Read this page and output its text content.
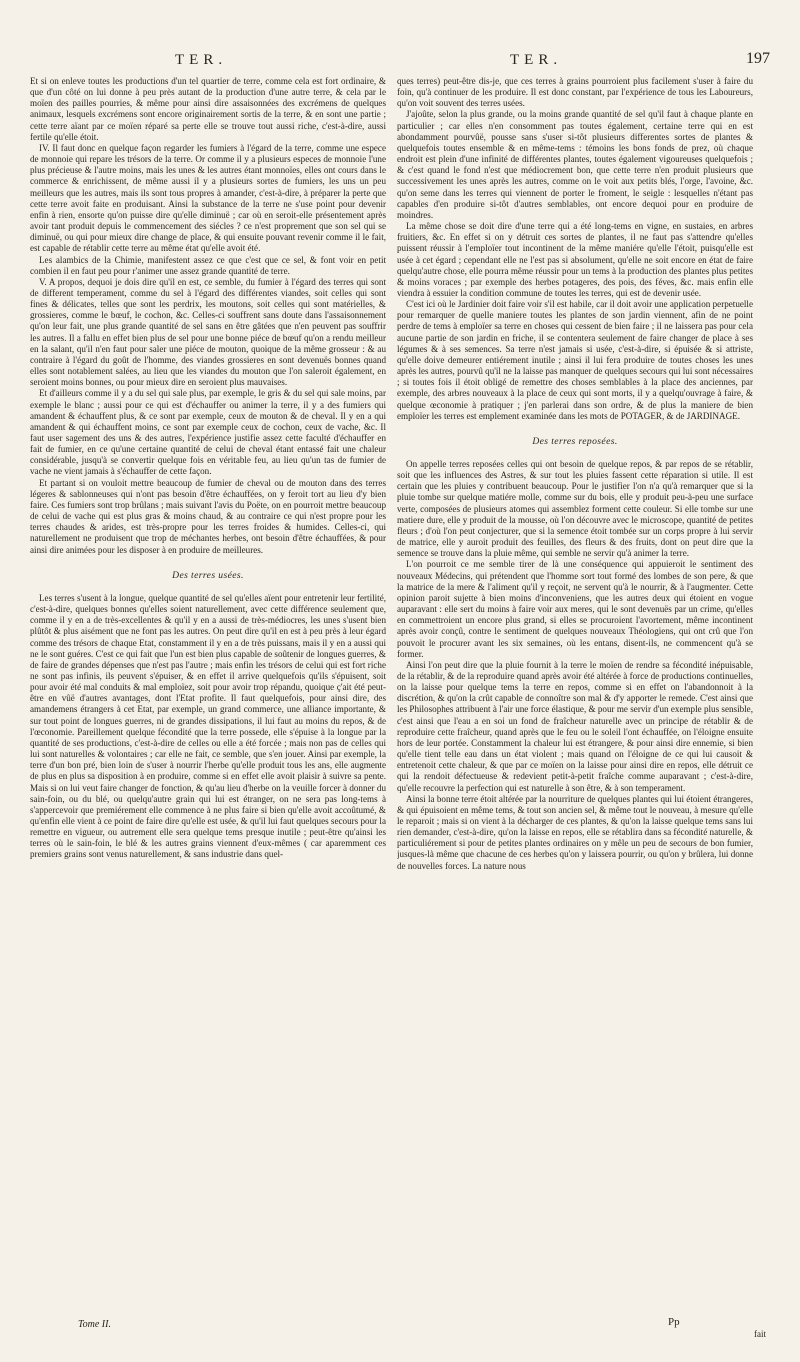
TER.	TER.	197

Et si on enleve toutes les productions d'un tel quartier de terre, comme cela est fort ordinaire, & que d'un côté on lui donne à peu près autant de la production d'une autre terre, & cela par le moïen des pailles pourries, & même pour ainsi dire assaisonnées des excrémens de quelques animaux, lesquels excrémens sont encore originairement sortis de la terre, & en sont une partie ; cette terre aïant par ce moïen réparé sa perte elle se trouve tout aussi riche, c'est-à-dire, aussi fertile qu'elle étoit.

IV. Il faut donc en quelque façon regarder les fumiers à l'égard de la terre, comme une espece de monnoie qui repare les trésors de la terre. Or comme il y a plusieurs especes de monnoie l'une plus précieuse & l'autre moins, mais les unes & les autres étant monnoïes, elles ont cours dans le commerce & enrichissent, de même aussi il y a plusieurs sortes de fumiers, les uns un peu meilleurs que les autres, mais ils sont tous propres à amander, c'est-à-dire, à préparer la perte que cette terre avoit faite en produisant. Ainsi la substance de la terre ne s'use point pour devenir enfin à rien, ensorte qu'on puisse dire qu'elle diminuë ; car où en seroit-elle présentement après avoir tant produit depuis le commencement des siécles ? ce n'est proprement que son sel qui se diminuë, ou qui pour mieux dire change de place, & qui ensuite pouvant revenir comme il le fait, est capable de rétablir cette terre au même état qu'elle avoit été.

Les alambics de la Chimie, manifestent assez ce que c'est que ce sel, & font voir en petit combien il en faut peu pour r'animer une assez grande quantité de terre.

V. A propos, dequoi je dois dire qu'il en est, ce semble, du fumier à l'égard des terres qui sont de different temperament, comme du sel à l'égard des différentes viandes, soit celles qui sont fines & délicates, telles que sont les perdrix, les moutons, soit celles qui sont matérielles, & grossieres, comme le bœuf, le cochon, &c. Celles-ci souffrent sans doute dans l'assaisonnement qu'on leur fait, une plus grande quantité de sel sans en être gâtées que n'en peuvent pas souffrir les autres. Il a fallu en effet bien plus de sel pour une bonne piéce de bœuf qu'on a rendu meilleur en la salant, qu'il n'en faut pour saler une piéce de mouton, quoique de la même grosseur : & au contraire à l'égard du goût de l'homme, des viandes grossieres en sont devenuës bonnes quand elles sont notablement salées, au lieu que les viandes du mouton que l'on saleroit également, en seroient moins bonnes, ou pour mieux dire en seroient plus mauvaises.

Et d'ailleurs comme il y a du sel qui sale plus, par exemple, le gris & du sel qui sale moins, par exemple le blanc ; aussi pour ce qui est d'échauffer ou animer la terre, il y a des fumiers qui amandent & échauffent plus, & ce sont par exemple, ceux de mouton & de cheval. Il y en a qui amandent & qui échauffent moins, ce sont par exemple ceux de cochon, ceux de vache, &c. Il faut user sagement des uns & des autres, l'expérience justifie assez cette faculté d'échauffer en fait de fumier, en ce qu'une certaine quantité de celui de cheval étant entassé fait une chaleur considérable, jusqu'à se convertir quelque fois en véritable feu, au lieu qu'un tas de fumier de vache ne vient jamais à s'échauffer de cette façon.

Et partant si on vouloit mettre beaucoup de fumier de cheval ou de mouton dans des terres légeres & sablonneuses qui n'ont pas besoin d'être échauffées, on y feroit tort au lieu d'y bien faire. Ces fumiers sont trop brûlans ; mais suivant l'avis du Poëte, on en pourroit mettre beaucoup de celui de vache qui est plus gras & moins chaud, & au contraire ce qui n'est propre pour les terres chaudes & arides, est très-propre pour les terres froides & humides. Celles-ci, qui naturellement ne produisent que trop de méchantes herbes, ont besoin d'être échauffées, & pour ainsi dire animées pour les disposer à en produire de meilleures.

Des terres usées.

Les terres s'usent à la longue, quelque quantité de sel qu'elles aïent pour entretenir leur fertilité, c'est-à-dire, quelques bonnes qu'elles soient naturellement, avec cette différence seulement que, comme il y en a de très-excellentes & qu'il y en a aussi de très-médiocres, les unes s'usent bien plûtôt & plus aisément que ne font pas les autres. On peut dire qu'il en est à peu près à leur égard comme des trésors de chaque Etat, constamment il y en a de très puissans, mais il y en a aussi qui ne le sont guéres. C'est ce qui fait que l'un est bien plus capable de soûtenir de longues guerres, & de faire de grandes dépenses que n'est pas l'autre ; mais enfin les trésors de celui qui est fort riche ne sont pas infinis, ils peuvent s'épuiser, & en effet il arrive quelquefois qu'ils s'épuisent, soit pour avoir été mal conduits & mal emploïez, soit pour avoir trop répandu, quoique ç'ait été peut-être en vûë d'autres avantages, dont l'Etat profite. Il faut quelquefois, pour ainsi dire, des amandemens étrangers à cet Etat, par exemple, un grand commerce, une alliance importante, & sur tout point de longues guerres, ni de grandes dissipations, il lui faut au moins du repos, & de l'œconomie. Pareillement quelque fécondité que la terre possede, elle s'épuise à la longue par la quantité de ses productions, c'est-à-dire de celles ou elle a été forcée ; mais non pas de celles qui lui sont naturelles & volontaires ; car elle ne fait, ce semble, que s'en jouer. Ainsi par exemple, la terre d'un bon pré, bien loin de s'user à nourrir l'herbe qu'elle produit tous les ans, elle augmente de plus en plus sa disposition à en produire, comme si en effet elle avoit plaisir à suivre sa pente. Mais si on lui veut faire changer de fonction, & qu'au lieu d'herbe on la veuille forcer à donner du sain-foin, ou du blé, ou quelqu'autre grain qui lui est étranger, on ne sera pas long-tems à s'appercevoir que premiérement elle commence à ne plus faire si bien qu'elle avoit accoûtumé, & qu'enfin elle vient à ce point de faire dire qu'elle est usée, & qu'il lui faut quelques secours pour la remettre en vigueur, ou autrement elle sera quelque tems presque inutile ; peut-être qu'ainsi les terres où le sain-foin, le blé & les autres grains viennent d'eux-mêmes ( car aparemment ces premiers grains sont venus naturellement, & sans industrie dans quel-

ques terres) peut-être dis-je, que ces terres à grains pourroient plus facilement s'user à faire du foin, qu'à continuer de les produire. Il est donc constant, par l'expérience de tous les Laboureurs, qu'on voit souvent des terres usées.

J'ajoûte, selon la plus grande, ou la moins grande quantité de sel qu'il faut à chaque plante en particulier ; car elles n'en consomment pas toutes également, certaine terre qui en est abondamment pourvûë, pousse sans s'user si-tôt plusieurs differentes sortes de plantes & quelquefois toutes ensemble & en même-tems : témoins les bons fonds de prez, où chaque endroit est plein d'une infinité de différentes plantes, toutes également vigoureuses quelquefois ; & c'est quand le fond n'est que médiocrement bon, que cette terre n'en produit plusieurs que successivement les unes après les autres, comme on le voit aux petits blés, l'orge, l'avoine, &c. qu'on seme dans les terres qui viennent de porter le froment, le seigle : lesquelles n'étant pas capables d'en produire si-tôt d'autres semblables, ont encore dequoi pour en produire de moindres.

La même chose se doit dire d'une terre qui a été long-tems en vigne, en sustaies, en arbres fruitiers, &c. En effet si on y détruit ces sortes de plantes, il ne faut pas s'attendre qu'elles puissent réussir à l'emploïer tout incontinent de la même maniére qu'elle l'étoit, puisqu'elle est usée à cet égard ; cependant elle ne l'est pas si absolument, qu'elle ne soit encore en état de faire quelqu'autre chose, elle pourra même réussir pour un tems à la production des plantes plus petites & moins voraces ; par exemple des herbes potageres, des pois, des féves, &c. mais enfin elle viendra à essuier la condition commune de toutes les terres, qui est de devenir usée.

C'est ici où le Jardinier doit faire voir s'il est habile, car il doit avoir une application perpetuelle pour remarquer de quelle maniere toutes les plantes de son jardin viennent, afin de ne point perdre de tems à emploïer sa terre en choses qui cessent de bien faire ; il ne laissera pas pour cela aucune partie de son jardin en friche, il se contentera seulement de faire changer de place à ses légumes & à ses semences. Sa terre n'est jamais si usée, c'est-à-dire, si épuisée & si attriste, qu'elle doive demeurer entiérement inutile ; ainsi il lui fera produire de toutes choses les unes après les autres, pourvû qu'il ne la laisse pas manquer de quelques secours qui lui sont nécessaires ; si toutes fois il étoit obligé de remettre des choses semblables à la place des anciennes, par exemple, des arbres nouveaux à la place de ceux qui sont morts, il y a quelqu'ouvrage à faire, & quelque œconomie à pratiquer ; j'en parlerai dans son ordre, & de plus la maniere de bien emploïer les terres est emplement examinée dans les mots de POTAGER, & de JARDINAGE.

Des terres reposées.

On appelle terres reposées celles qui ont besoin de quelque repos, & par repos de se rétablir, soit que les influences des Astres, & sur tout les pluies fassent cette réparation si utile. Il est certain que les pluies y contribuent beaucoup. Pour le justifier l'on n'a qu'à remarquer que si la pluie tombe sur quelque matiére molle, comme sur du bois, elle y produit peu-à-peu une surface verte, composées de plusieurs atomes qui assemblez forment cette couleur. Si elle tombe sur une matiere dure, elle y produit de la mousse, où l'on découvre avec le microscope, quantité de petites fleurs ; d'où l'on peut conjecturer, que si la semence étoit tombée sur un corps propre à lui servir de matrice, elle y auroit produit des feuilles, des fleurs & des fruits, dont on peut dire que la semence se trouve dans la pluie même, qui semble ne servir qu'à animer la terre.

L'on pourroit ce me semble tirer de là une conséquence qui appuieroit le sentiment des nouveaux Médecins, qui prétendent que l'homme sort tout formé des lombes de son pere, & que la matrice de la mere & l'aliment qu'il y reçoit, ne servent qu'à le nourrir, & à l'augmenter. Cette opinion paroit sujette à bien moins d'inconveniens, que les autres deux qui étoient en vogue auparavant : elle sert du moins à faire voir aux meres, qui le sont devenuës par un crime, qu'elles en commettroient un encore plus grand, si elles se procuroient l'avortement, même incontinent après avoir conçû, contre le sentiment de quelques nouveaux Théologiens, qui ont crû que l'on pouvoit le procurer avant les six semaines, où les entans, disent-ils, ne commencent qu'à se former.

Ainsi l'on peut dire que la pluie fournit à la terre le moïen de rendre sa fécondité inépuisable, de la rétablir, & de la reproduire quand après avoir été altérée à force de productions continuelles, on la laisse pour quelque tems la terre en repos, comme si en effet on l'abandonnoit à la discrétion, & qu'on la crût capable de connoître son mal & d'y apporter le remede. C'est ainsi que les Philosophes attribuent à l'air une force élastique, & pour me servir d'un exemple plus sensible, c'est ainsi que l'eau a en soi un fond de fraîcheur naturelle avec un principe de rétablir & de reproduire cette fraîcheur, quand après que le feu ou le soleil l'ont échauffée, on l'éloigne ensuite hors de leur portée. Constamment la chaleur lui est étrangere, & pour ainsi dire ennemie, si bien qu'elle tient telle eau dans un état violent ; mais quand on l'éloigne de ce qui lui causoit & entretenoit cette chaleur, & que par ce moïen on la laisse pour ainsi dire en repos, elle détruit ce qui la rendoit défectueuse & redevient petit-à-petit fraîche comme auparavant ; c'est-à-dire, qu'elle recouvre la perfection qui est naturelle à son être, & à son temperament.

Ainsi la bonne terre étoit altérée par la nourriture de quelques plantes qui lui étoient étrangeres, & qui épuisoient en même tems, & tout son ancien sel, & même tout le nouveau, à mesure qu'elle le reparoit ; mais si on vient à la décharger de ces plantes, & qu'on la laisse quelque tems sans lui rien demander, c'est-à-dire, qu'on la laisse en repos, elle se rétablira dans sa fécondité naturelle, & particuliérement si pour de petites plantes ordinaires on y mêle un peu de secours de bon fumier, jusques-là même que chacune de ces herbes qu'on y laissera pourrir, ou qu'on y brûlera, lui donne de nouvelles forces. La nature nous

Tome II.	Pp
fait
